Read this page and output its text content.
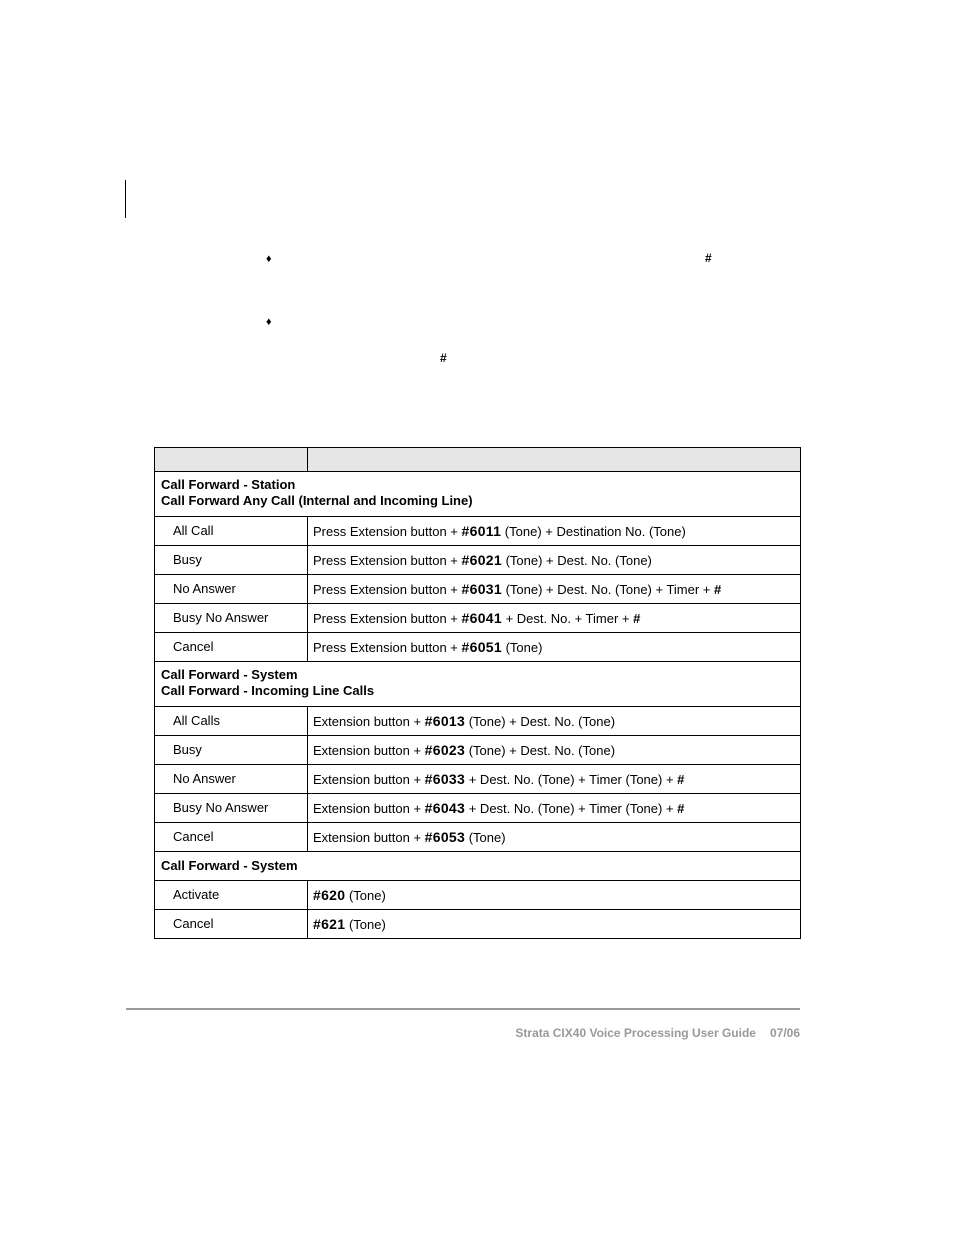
♦	#
♦
#

Call Forward - Station
Call Forward Any Call (Internal and Incoming Line)	

All Call	Press Extension button + #6011 (Tone) + Destination No. (Tone)
Busy	Press Extension button + #6021 (Tone) + Dest. No. (Tone)
No Answer	Press Extension button + #6031 (Tone) + Dest. No. (Tone) + Timer + #
Busy No Answer	Press Extension button + #6041 + Dest. No. + Timer + #
Cancel	Press Extension button + #6051 (Tone)

Call Forward - System
Call Forward - Incoming Line Calls	

All Calls	Extension button + #6013 (Tone) + Dest. No. (Tone)
Busy	Extension button + #6023 (Tone) + Dest. No. (Tone)
No Answer	Extension button + #6033 + Dest. No. (Tone) + Timer (Tone) + #
Busy No Answer	Extension button + #6043 + Dest. No. (Tone) + Timer (Tone) + #
Cancel	Extension button + #6053 (Tone)

Call Forward - System	

Activate	#620 (Tone)
Cancel	#621 (Tone)
Strata CIX40 Voice Processing User Guide 07/06
